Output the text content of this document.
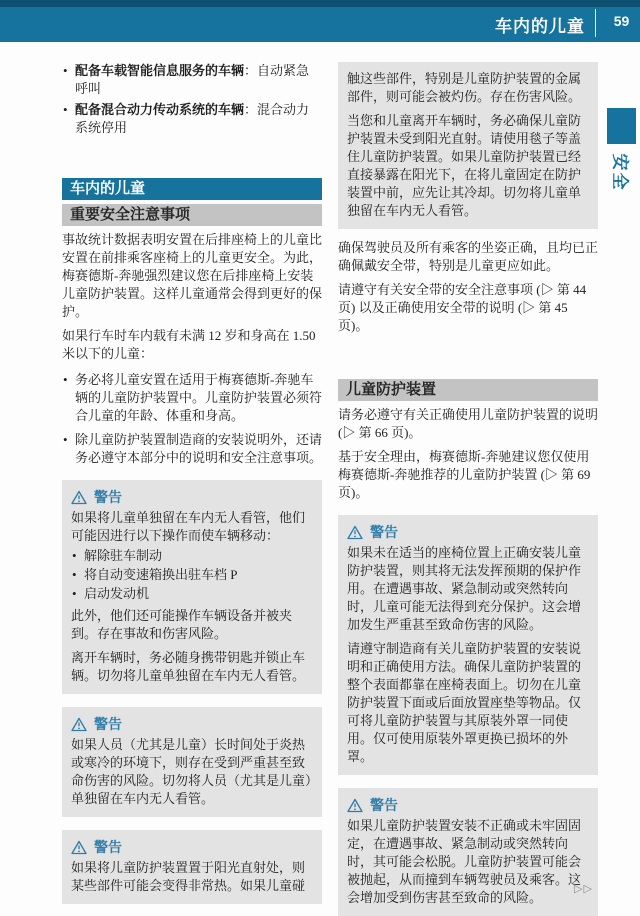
车内的儿童	59
安全
• 配备车载智能信息服务的车辆：自动紧急呼叫
• 配备混合动力传动系统的车辆：混合动力系统停用
车内的儿童
重要安全注意事项

事故统计数据表明安置在后排座椅上的儿童比安置在前排乘客座椅上的儿童更安全。为此，梅赛德斯-奔驰强烈建议您在后排座椅上安装儿童防护装置。这样儿童通常会得到更好的保护。

如果行车时车内载有未满 12 岁和身高在 1.50 米以下的儿童：

• 务必将儿童安置在适用于梅赛德斯-奔驰车辆的儿童防护装置中。儿童防护装置必须符合儿童的年龄、体重和身高。
• 除儿童防护装置制造商的安装说明外，还请务必遵守本部分中的说明和安全注意事项。
警告

如果将儿童单独留在车内无人看管，他们可能因进行以下操作而使车辆移动：

• 解除驻车制动
• 将自动变速箱换出驻车档 P
• 启动发动机

此外，他们还可能操作车辆设备并被夹到。存在事故和伤害风险。

离开车辆时，务必随身携带钥匙并锁止车辆。切勿将儿童单独留在车内无人看管。

警告

如果人员（尤其是儿童）长时间处于炎热或寒冷的环境下，则存在受到严重甚至致命伤害的风险。切勿将人员（尤其是儿童）单独留在车内无人看管。

警告

如果将儿童防护装置置于阳光直射处，则某些部件可能会变得非常热。如果儿童碰

触这些部件，特别是儿童防护装置的金属部件，则可能会被灼伤。存在伤害风险。

当您和儿童离开车辆时，务必确保儿童防护装置未受到阳光直射。请使用毯子等盖住儿童防护装置。如果儿童防护装置已经直接暴露在阳光下，在将儿童固定在防护装置中前，应先让其冷却。切勿将儿童单独留在车内无人看管。

确保驾驶员及所有乘客的坐姿正确，且均已正确佩戴安全带，特别是儿童更应如此。

请遵守有关安全带的安全注意事项 (▷ 第 44 页) 以及正确使用安全带的说明 (▷ 第 45 页)。

儿童防护装置

请务必遵守有关正确使用儿童防护装置的说明 (▷ 第 66 页)。

基于安全理由，梅赛德斯-奔驰建议您仅使用梅赛德斯-奔驰推荐的儿童防护装置 (▷ 第 69 页)。

警告

如果未在适当的座椅位置上正确安装儿童防护装置，则其将无法发挥预期的保护作用。在遭遇事故、紧急制动或突然转向时，儿童可能无法得到充分保护。这会增加发生严重甚至致命伤害的风险。

请遵守制造商有关儿童防护装置的安装说明和正确使用方法。确保儿童防护装置的整个表面都靠在座椅表面上。切勿在儿童防护装置下面或后面放置座垫等物品。仅可将儿童防护装置与其原装外罩一同使用。仅可使用原装外罩更换已损坏的外罩。

警告

如果儿童防护装置安装不正确或未牢固固定，在遭遇事故、紧急制动或突然转向时，其可能会松脱。儿童防护装置可能会被抛起，从而撞到车辆驾驶员及乘客。这会增加受到伤害甚至致命的风险。

▷▷
